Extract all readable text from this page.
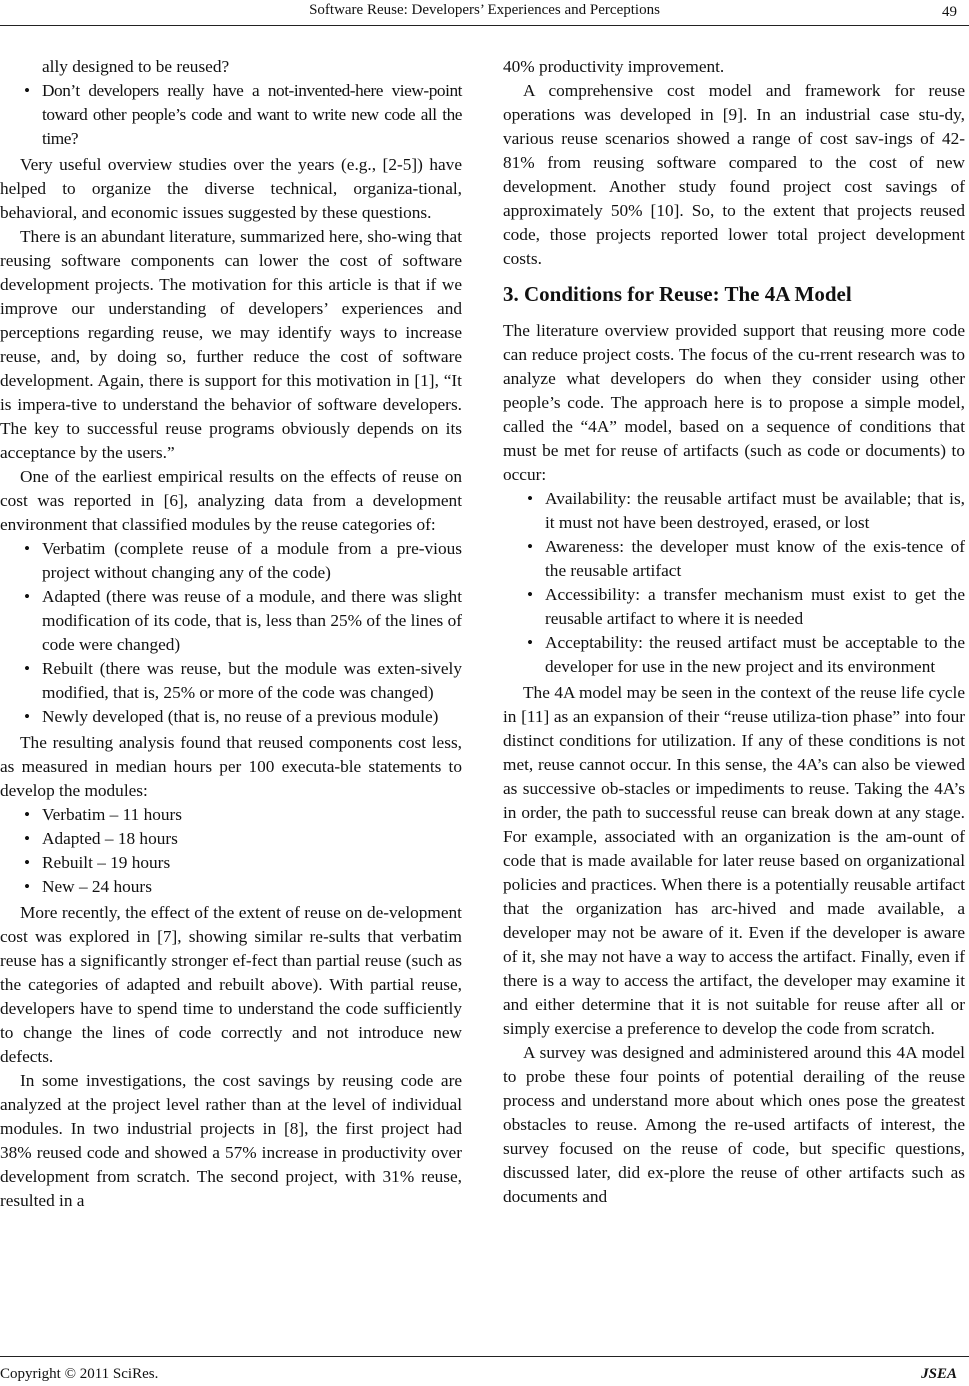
Software Reuse: Developers’ Experiences and Perceptions	49
ally designed to be reused?
• Don’t developers really have a not-invented-here view-point toward other people’s code and want to write new code all the time?

Very useful overview studies over the years (e.g., [2-5]) have helped to organize the diverse technical, organiza-tional, behavioral, and economic issues suggested by these questions.

There is an abundant literature, summarized here, sho-wing that reusing software components can lower the cost of software development projects. The motivation for this article is that if we improve our understanding of developers’ experiences and perceptions regarding reuse, we may identify ways to increase reuse, and, by doing so, further reduce the cost of software development. Again, there is support for this motivation in [1], “It is impera-tive to understand the behavior of software developers. The key to successful reuse programs obviously depends on its acceptance by the users.”

One of the earliest empirical results on the effects of reuse on cost was reported in [6], analyzing data from a development environment that classified modules by the reuse categories of:

• Verbatim (complete reuse of a module from a pre-vious project without changing any of the code)
• Adapted (there was reuse of a module, and there was slight modification of its code, that is, less than 25% of the lines of code were changed)
• Rebuilt (there was reuse, but the module was exten-sively modified, that is, 25% or more of the code was changed)
• Newly developed (that is, no reuse of a previous module)

The resulting analysis found that reused components cost less, as measured in median hours per 100 executa-ble statements to develop the modules:

• Verbatim – 11 hours
• Adapted – 18 hours
• Rebuilt – 19 hours
• New – 24 hours

More recently, the effect of the extent of reuse on de-velopment cost was explored in [7], showing similar re-sults that verbatim reuse has a significantly stronger ef-fect than partial reuse (such as the categories of adapted and rebuilt above). With partial reuse, developers have to spend time to understand the code sufficiently to change the lines of code correctly and not introduce new defects.

In some investigations, the cost savings by reusing code are analyzed at the project level rather than at the level of individual modules. In two industrial projects in [8], the first project had 38% reused code and showed a 57% increase in productivity over development from scratch. The second project, with 31% reuse, resulted in a

40% productivity improvement.

A comprehensive cost model and framework for reuse operations was developed in [9]. In an industrial case stu-dy, various reuse scenarios showed a range of cost sav-ings of 42-81% from reusing software compared to the cost of new development. Another study found project cost savings of approximately 50% [10]. So, to the extent that projects reused code, those projects reported lower total project development costs.

3. Conditions for Reuse: The 4A Model

The literature overview provided support that reusing more code can reduce project costs. The focus of the cu-rrent research was to analyze what developers do when they consider using other people’s code. The approach here is to propose a simple model, called the “4A” model, based on a sequence of conditions that must be met for reuse of artifacts (such as code or documents) to occur:

• Availability: the reusable artifact must be available; that is, it must not have been destroyed, erased, or lost
• Awareness: the developer must know of the exis-tence of the reusable artifact
• Accessibility: a transfer mechanism must exist to get the reusable artifact to where it is needed
• Acceptability: the reused artifact must be acceptable to the developer for use in the new project and its environment

The 4A model may be seen in the context of the reuse life cycle in [11] as an expansion of their “reuse utiliza-tion phase” into four distinct conditions for utilization. If any of these conditions is not met, reuse cannot occur. In this sense, the 4A’s can also be viewed as successive ob-stacles or impediments to reuse. Taking the 4A’s in order, the path to successful reuse can break down at any stage. For example, associated with an organization is the am-ount of code that is made available for later reuse based on organizational policies and practices. When there is a potentially reusable artifact that the organization has arc-hived and made available, a developer may not be aware of it. Even if the developer is aware of it, she may not have a way to access the artifact. Finally, even if there is a way to access the artifact, the developer may examine it and either determine that it is not suitable for reuse after all or simply exercise a preference to develop the code from scratch.

A survey was designed and administered around this 4A model to probe these four points of potential derailing of the reuse process and understand more about which ones pose the greatest obstacles to reuse. Among the re-used artifacts of interest, the survey focused on the reuse of code, but specific questions, discussed later, did ex-plore the reuse of other artifacts such as documents and

Copyright © 2011 SciRes.	JSEA
